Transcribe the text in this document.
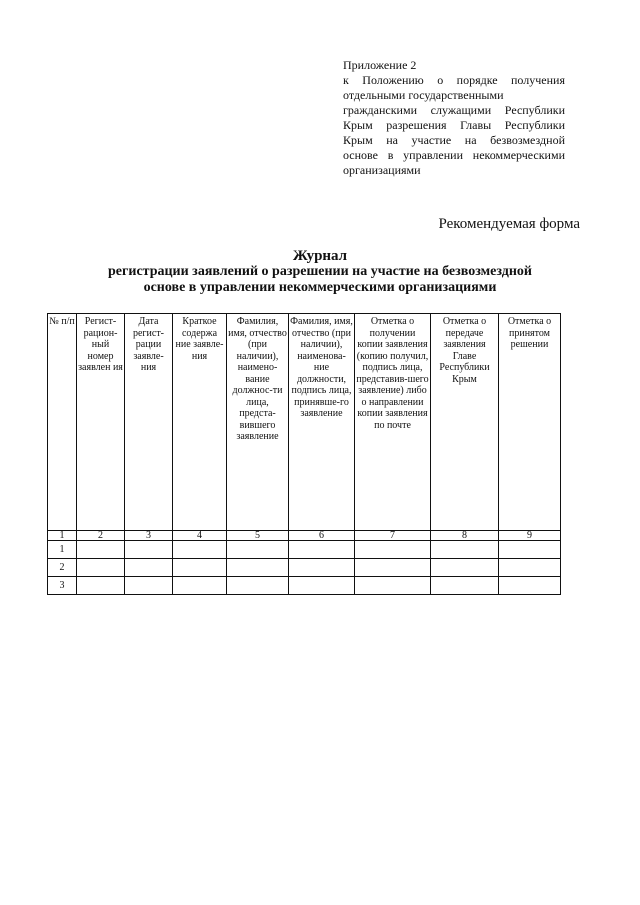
Приложение 2
к Положению о порядке получения
отдельными государственными
гражданскими служащими Республики
Крым разрешения Главы Республики
Крым на участие на безвозмездной
основе в управлении некоммерческими
организациями
Рекомендуемая форма
Журнал
регистрации заявлений о разрешении на участие на безвозмездной
основе в управлении некоммерческими организациями
№ п/п	Регист-рацион-ный номер заявлен ия	Дата регист-рации заявле-ния	Краткое содержа ние заявле-ния	Фамилия, имя, отчество (при наличии), наимено-вание должнос-ти лица, предста-вившего заявление	Фамилия, имя, отчество (при наличии), наименова-ние должности, подпись лица, принявше-го заявление	Отметка о получении копии заявления (копию получил, подпись лица, представив-шего заявление) либо о направлении копии заявления по почте	Отметка о передаче заявления Главе Республики Крым	Отметка о принятом решении
1	2	3	4	5	6	7	8	9
1								
2								
3								
